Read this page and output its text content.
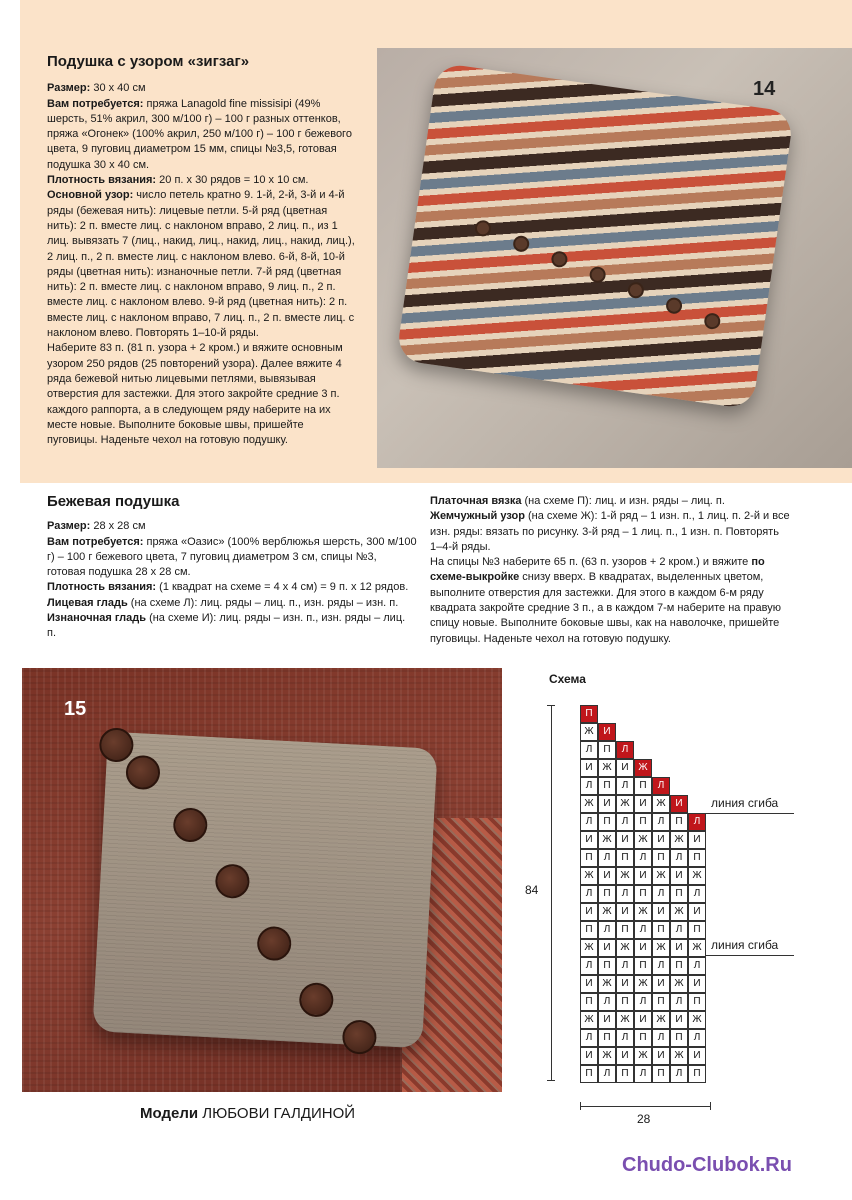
Подушка с узором «зигзаг»

Размер: 30 x 40 см

Вам потребуется: пряжа Lanagold fine missisipi (49% шерсть, 51% акрил, 300 м/100 г) – 100 г разных оттенков, пряжа «Огонек» (100% акрил, 250 м/100 г) – 100 г бежевого цвета, 9 пуговиц диаметром 15 мм, спицы №3,5, готовая подушка 30 х 40 см.

Плотность вязания: 20 п. х 30 рядов = 10 х 10 см.

Основной узор: число петель кратно 9. 1-й, 2-й, 3-й и 4-й ряды (бежевая нить): лицевые петли. 5-й ряд (цветная нить): 2 п. вместе лиц. с наклоном вправо, 2 лиц. п., из 1 лиц. вывязать 7 (лиц., накид, лиц., накид, лиц., накид, лиц.), 2 лиц. п., 2 п. вместе лиц. с наклоном влево. 6-й, 8-й, 10-й ряды (цветная нить): изнаночные петли. 7-й ряд (цветная нить): 2 п. вместе лиц. с наклоном вправо, 9 лиц. п., 2 п. вместе лиц. с наклоном влево. 9-й ряд (цветная нить): 2 п. вместе лиц. с наклоном вправо, 7 лиц. п., 2 п. вместе лиц. с наклоном влево. Повторять 1–10-й ряды.

Наберите 83 п. (81 п. узора + 2 кром.) и вяжите основным узором 250 рядов (25 повторений узора). Далее вяжите 4 ряда бежевой нитью лицевыми петлями, вывязывая отверстия для застежки. Для этого закройте средние 3 п. каждого раппорта, а в следующем ряду наберите на их месте новые. Выполните боковые швы, пришейте пуговицы. Наденьте чехол на готовую подушку.

14
Бежевая подушка

Размер: 28 х 28 см

Вам потребуется: пряжа «Оазис» (100% верблюжья шерсть, 300 м/100 г) – 100 г бежевого цвета, 7 пуговиц диаметром 3 см, спицы №3, готовая подушка 28 х 28 см.

Плотность вязания: (1 квадрат на схеме = 4 х 4 см) = 9 п. х 12 рядов.

Лицевая гладь (на схеме Л): лиц. ряды – лиц. п., изн. ряды – изн. п.

Изнаночная гладь (на схеме И): лиц. ряды – изн. п., изн. ряды – лиц. п.

Платочная вязка (на схеме П): лиц. и изн. ряды – лиц. п.

Жемчужный узор (на схеме Ж): 1-й ряд – 1 изн. п., 1 лиц. п. 2-й и все изн. ряды: вязать по рисунку. 3-й ряд – 1 лиц. п., 1 изн. п. Повторять 1–4-й ряды.

На спицы №3 наберите 65 п. (63 п. узоров + 2 кром.) и вяжите по схеме-выкройке снизу вверх. В квадратах, выделенных цветом, выполните отверстия для застежки. Для этого в каждом 6-м ряду квадрата закройте средние 3 п., а в каждом 7-м наберите на правую спицу новые. Выполните боковые швы, как на наволочке, пришейте пуговицы. Наденьте чехол на готовую подушку.

15
Модели ЛЮБОВИ ГАЛДИНОЙ
Схема
84
28
линия сгиба
линия сгиба
П
Ж И
Л	П	Л
И Ж И Ж
Л	П	Л	П	Л
Ж И Ж И Ж И
Л	П	Л	П	Л	П	Л
И Ж И Ж И Ж И
П	Л	П	Л	П	Л	П
Ж И Ж И Ж И Ж
Л	П	Л	П	Л	П	Л
И Ж И Ж И Ж И
П	Л	П	Л	П	Л	П
Ж И Ж И Ж И Ж
Л	П	Л	П	Л	П	Л
И Ж И Ж И Ж И
П	Л	П	Л	П	Л	П
Ж И Ж И Ж И Ж
Л	П	Л	П	Л	П	Л
И Ж И Ж И Ж И
П	Л	П	Л	П	Л	П
Chudo-Clubok.Ru
